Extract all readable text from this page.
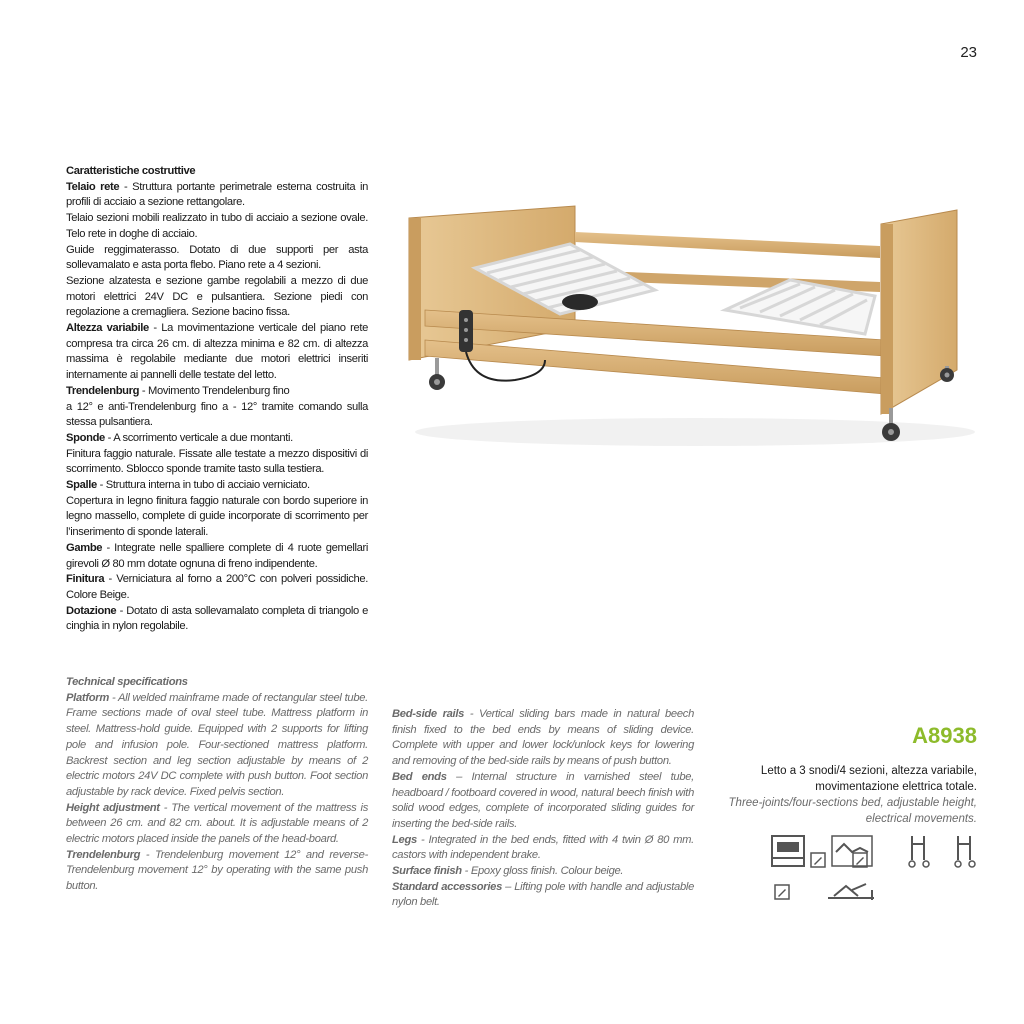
23

Caratteristiche costruttive

Telaio rete - Struttura portante perimetrale esterna costruita in profili di acciaio a sezione rettangolare.

Telaio sezioni mobili realizzato in tubo di acciaio a sezione ovale. Telo rete in doghe di acciaio.

Guide reggimaterasso. Dotato di due supporti per asta sollevamalato e asta porta flebo. Piano rete a 4 sezioni.

Sezione alzatesta e sezione gambe regolabili a mezzo di due motori elettrici 24V DC e pulsantiera. Sezione piedi con regolazione a cremagliera. Sezione bacino fissa.

Altezza variabile - La movimentazione verticale del piano rete compresa tra circa 26 cm. di altezza minima e 82 cm. di altezza massima è regolabile mediante due motori elettrici inseriti internamente ai pannelli delle testate del letto.

Trendelenburg - Movimento Trendelenburg fino

a 12° e anti-Trendelenburg fino a - 12° tramite comando sulla stessa pulsantiera.

Sponde - A scorrimento verticale a due montanti.

Finitura faggio naturale. Fissate alle testate a mezzo dispositivi di scorrimento. Sblocco sponde tramite tasto sulla testiera.

Spalle - Struttura interna in tubo di acciaio verniciato.

Copertura in legno finitura faggio naturale con bordo superiore in legno massello, complete di guide incorporate di scorrimento per l’inserimento di sponde laterali.

Gambe - Integrate nelle spalliere complete di 4 ruote gemellari girevoli Ø 80 mm dotate ognuna di freno indipendente.

Finitura - Verniciatura al forno a 200°C con polveri possidiche. Colore Beige.

Dotazione - Dotato di asta sollevamalato completa di triangolo e cinghia in nylon regolabile.

Technical specifications

Platform - All welded mainframe made of rectangular steel tube. Frame sections made of oval steel tube. Mattress platform in steel. Mattress-hold guide. Equipped with 2 supports for lifting pole and infusion pole. Four-sectioned mattress platform. Backrest section and leg section adjustable by means of 2 electric motors 24V DC complete with push button. Foot section adjustable by rack device. Fixed pelvis section.

Height adjustment - The vertical movement of the mattress is between 26 cm. and 82 cm. about. It is adjustable means of 2 electric motors placed inside the panels of the head-board.

Trendelenburg - Trendelenburg movement 12° and reverse-Trendelenburg movement 12° by operating with the same push button.

Bed-side rails - Vertical sliding bars made in natural beech finish fixed to the bed ends by means of sliding device. Complete with upper and lower lock/unlock keys for lowering and removing of the bed-side rails by means of push button.

Bed ends – Internal structure in varnished steel tube, headboard / footboard covered in wood, natural beech finish with solid wood edges, complete of incorporated sliding guides for inserting the bed-side rails.

Legs - Integrated in the bed ends, fitted with 4 twin Ø 80 mm. castors with independent brake.

Surface finish - Epoxy gloss finish. Colour beige.

Standard accessories – Lifting pole with handle and adjustable nylon belt.

A8938
Letto a 3 snodi/4 sezioni, altezza variabile, movimentazione elettrica totale.
Three-joints/four-sections bed, adjustable height, electrical movements.
